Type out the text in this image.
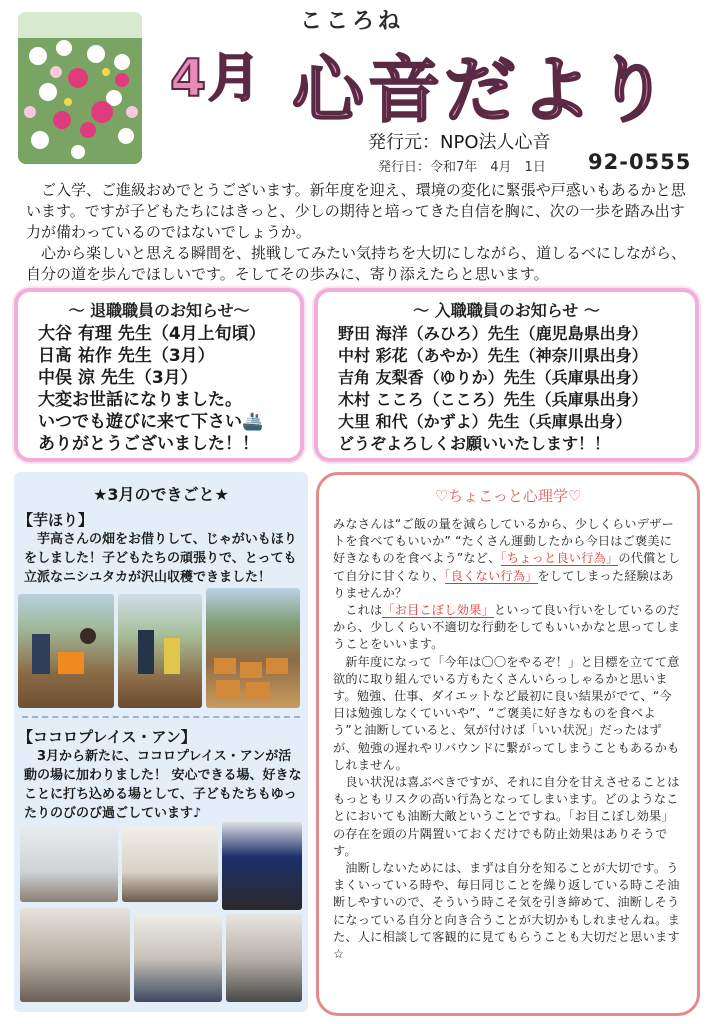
4月
こころね
心音だより
発行元：NPO法人心音
発行日：令和7年　4月　1日 92-0555

ご入学、ご進級おめでとうございます。新年度を迎え、環境の変化に緊張や戸惑いもあるかと思います。ですが子どもたちにはきっと、少しの期待と培ってきた自信を胸に、次の一歩を踏み出す力が備わっているのではないでしょうか。

心から楽しいと思える瞬間を、挑戦してみたい気持ちを大切にしながら、道しるべにしながら、自分の道を歩んでほしいです。そしてその歩みに、寄り添えたらと思います。

～ 退職職員のお知らせ～
大谷 有理 先生（4月上旬頃）
日髙 祐作 先生（3月）
中俣 涼 先生（3月）
大変お世話になりました。
いつでも遊びに来て下さい🚢
ありがとうございました！！
～ 入職職員のお知らせ ～
野田 海洋（みひろ）先生（鹿児島県出身）
中村 彩花（あやか）先生（神奈川県出身）
吉角 友梨香（ゆりか）先生（兵庫県出身）
木村 こころ（こころ）先生（兵庫県出身）
大里 和代（かずよ）先生（兵庫県出身）
どうぞよろしくお願いいたします！！
★3月のできごと★
【芋ほり】
芋高さんの畑をお借りして、じゃがいもほりをしました！子どもたちの頑張りで、とっても立派なニシユタカが沢山収穫できました！
【ココロプレイス・アン】
3月から新たに、ココロプレイス・アンが活動の場に加わりました！ 安心できる場、好きなことに打ち込める場として、子どもたちもゆったりのびのび過ごしています♪
♡ちょこっと心理学♡

みなさんは“ご飯の量を減らしているから、少しくらいデザートを食べてもいいか” “たくさん運動したから今日はご褒美に好きなものを食べよう”など、「ちょっと良い行為」の代償として自分に甘くなり、「良くない行為」をしてしまった経験はありませんか？

これは「お目こぼし効果」といって良い行いをしているのだから、少しくらい不適切な行動をしてもいいかなと思ってしまうことをいいます。

新年度になって「今年は〇〇をやるぞ！」と目標を立てて意欲的に取り組んでいる方もたくさんいらっしゃるかと思います。勉強、仕事、ダイエットなど最初に良い結果がでて、“今日は勉強しなくていいや”、“ご褒美に好きなものを食べよう”と油断していると、気が付けば「いい状況」だったはずが、勉強の遅れやリバウンドに繋がってしまうこともあるかもしれません。

良い状況は喜ぶべきですが、それに自分を甘えさせることはもっともリスクの高い行為となってしまいます。どのようなことにおいても油断大敵ということですね。「お目こぼし効果」の存在を頭の片隅置いておくだけでも防止効果はありそうです。

油断しないためには、まずは自分を知ることが大切です。うまくいっている時や、毎日同じことを繰り返している時こそ油断しやすいので、そういう時こそ気を引き締めて、油断しそうになっている自分と向き合うことが大切かもしれませんね。また、人に相談して客観的に見てもらうことも大切だと思います☆
